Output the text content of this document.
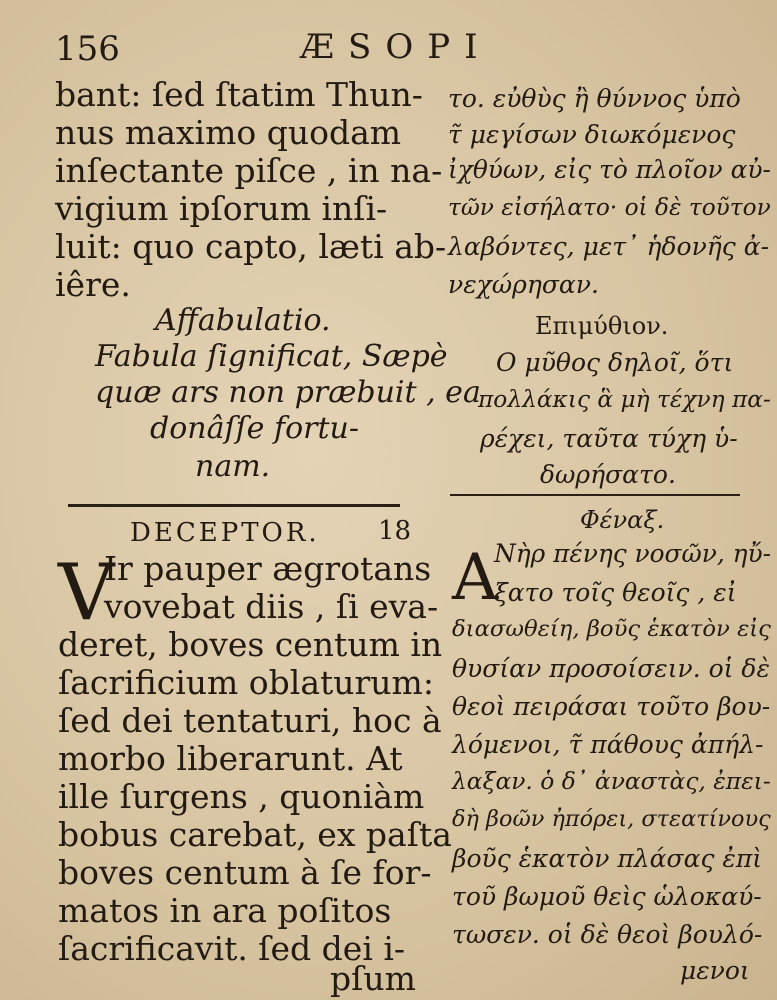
156	ÆSOPI
bant: ſed ſtatim Thun-
nus maximo quodam
inſectante piſce , in na-
vigium ipſorum inſi-
luit: quo capto, læti ab-
iêre.
Affabulatio.
Fabula ſignificat, Sæpè
quæ ars non præbuit , ea
donâſſe fortu-
nam.
το. εὐθὺς ἢ θύννος ὑπὸ
τ̃ μεγίσων διωκόμενος
ἰχθύων, εἰς τὸ πλοῖον αὐ-
τῶν εἰσήλατο· οἱ δὲ τοῦτον
λαβόντες, μετ᾽ ἡδονῆς ἀ-
νεχώρησαν.
Επιμύθιον.
Ο μῦθος δηλοῖ, ὅτι
πολλάκις ἃ μὴ τέχνη πα-
ρέχει, ταῦτα τύχη ὑ-
δωρήσατο.
DECEPTOR. 18
V
Ir pauper ægrotans
vovebat diis , ſi eva-
deret, boves centum in
ſacrificium oblaturum:
ſed dei tentaturi, hoc à
morbo liberarunt. At
ille ſurgens , quoniàm
bobus carebat, ex paſta
boves centum à ſe for-
matos in ara poſitos
ſacrificavit. ſed dei i-
pſum
Φέναξ.
Α
Νὴρ πένης νοσῶν, ηὔ-
ξατο τοῖς θεοῖς , εἰ
διασωθείη, βοῦς ἑκατὸν εἰς
θυσίαν προσοίσειν. οἱ δὲ
θεοὶ πειράσαι τοῦτο βου-
λόμενοι, τ̃ πάθους ἀπήλ-
λαξαν. ὁ δ᾽ ἀναστὰς, ἐπει-
δὴ βοῶν ἠπόρει, στεατίνους
βοῦς ἑκατὸν πλάσας ἐπὶ
τοῦ βωμοῦ θεὶς ὡλοκαύ-
τωσεν. οἱ δὲ θεοὶ βουλό-
μενοι
